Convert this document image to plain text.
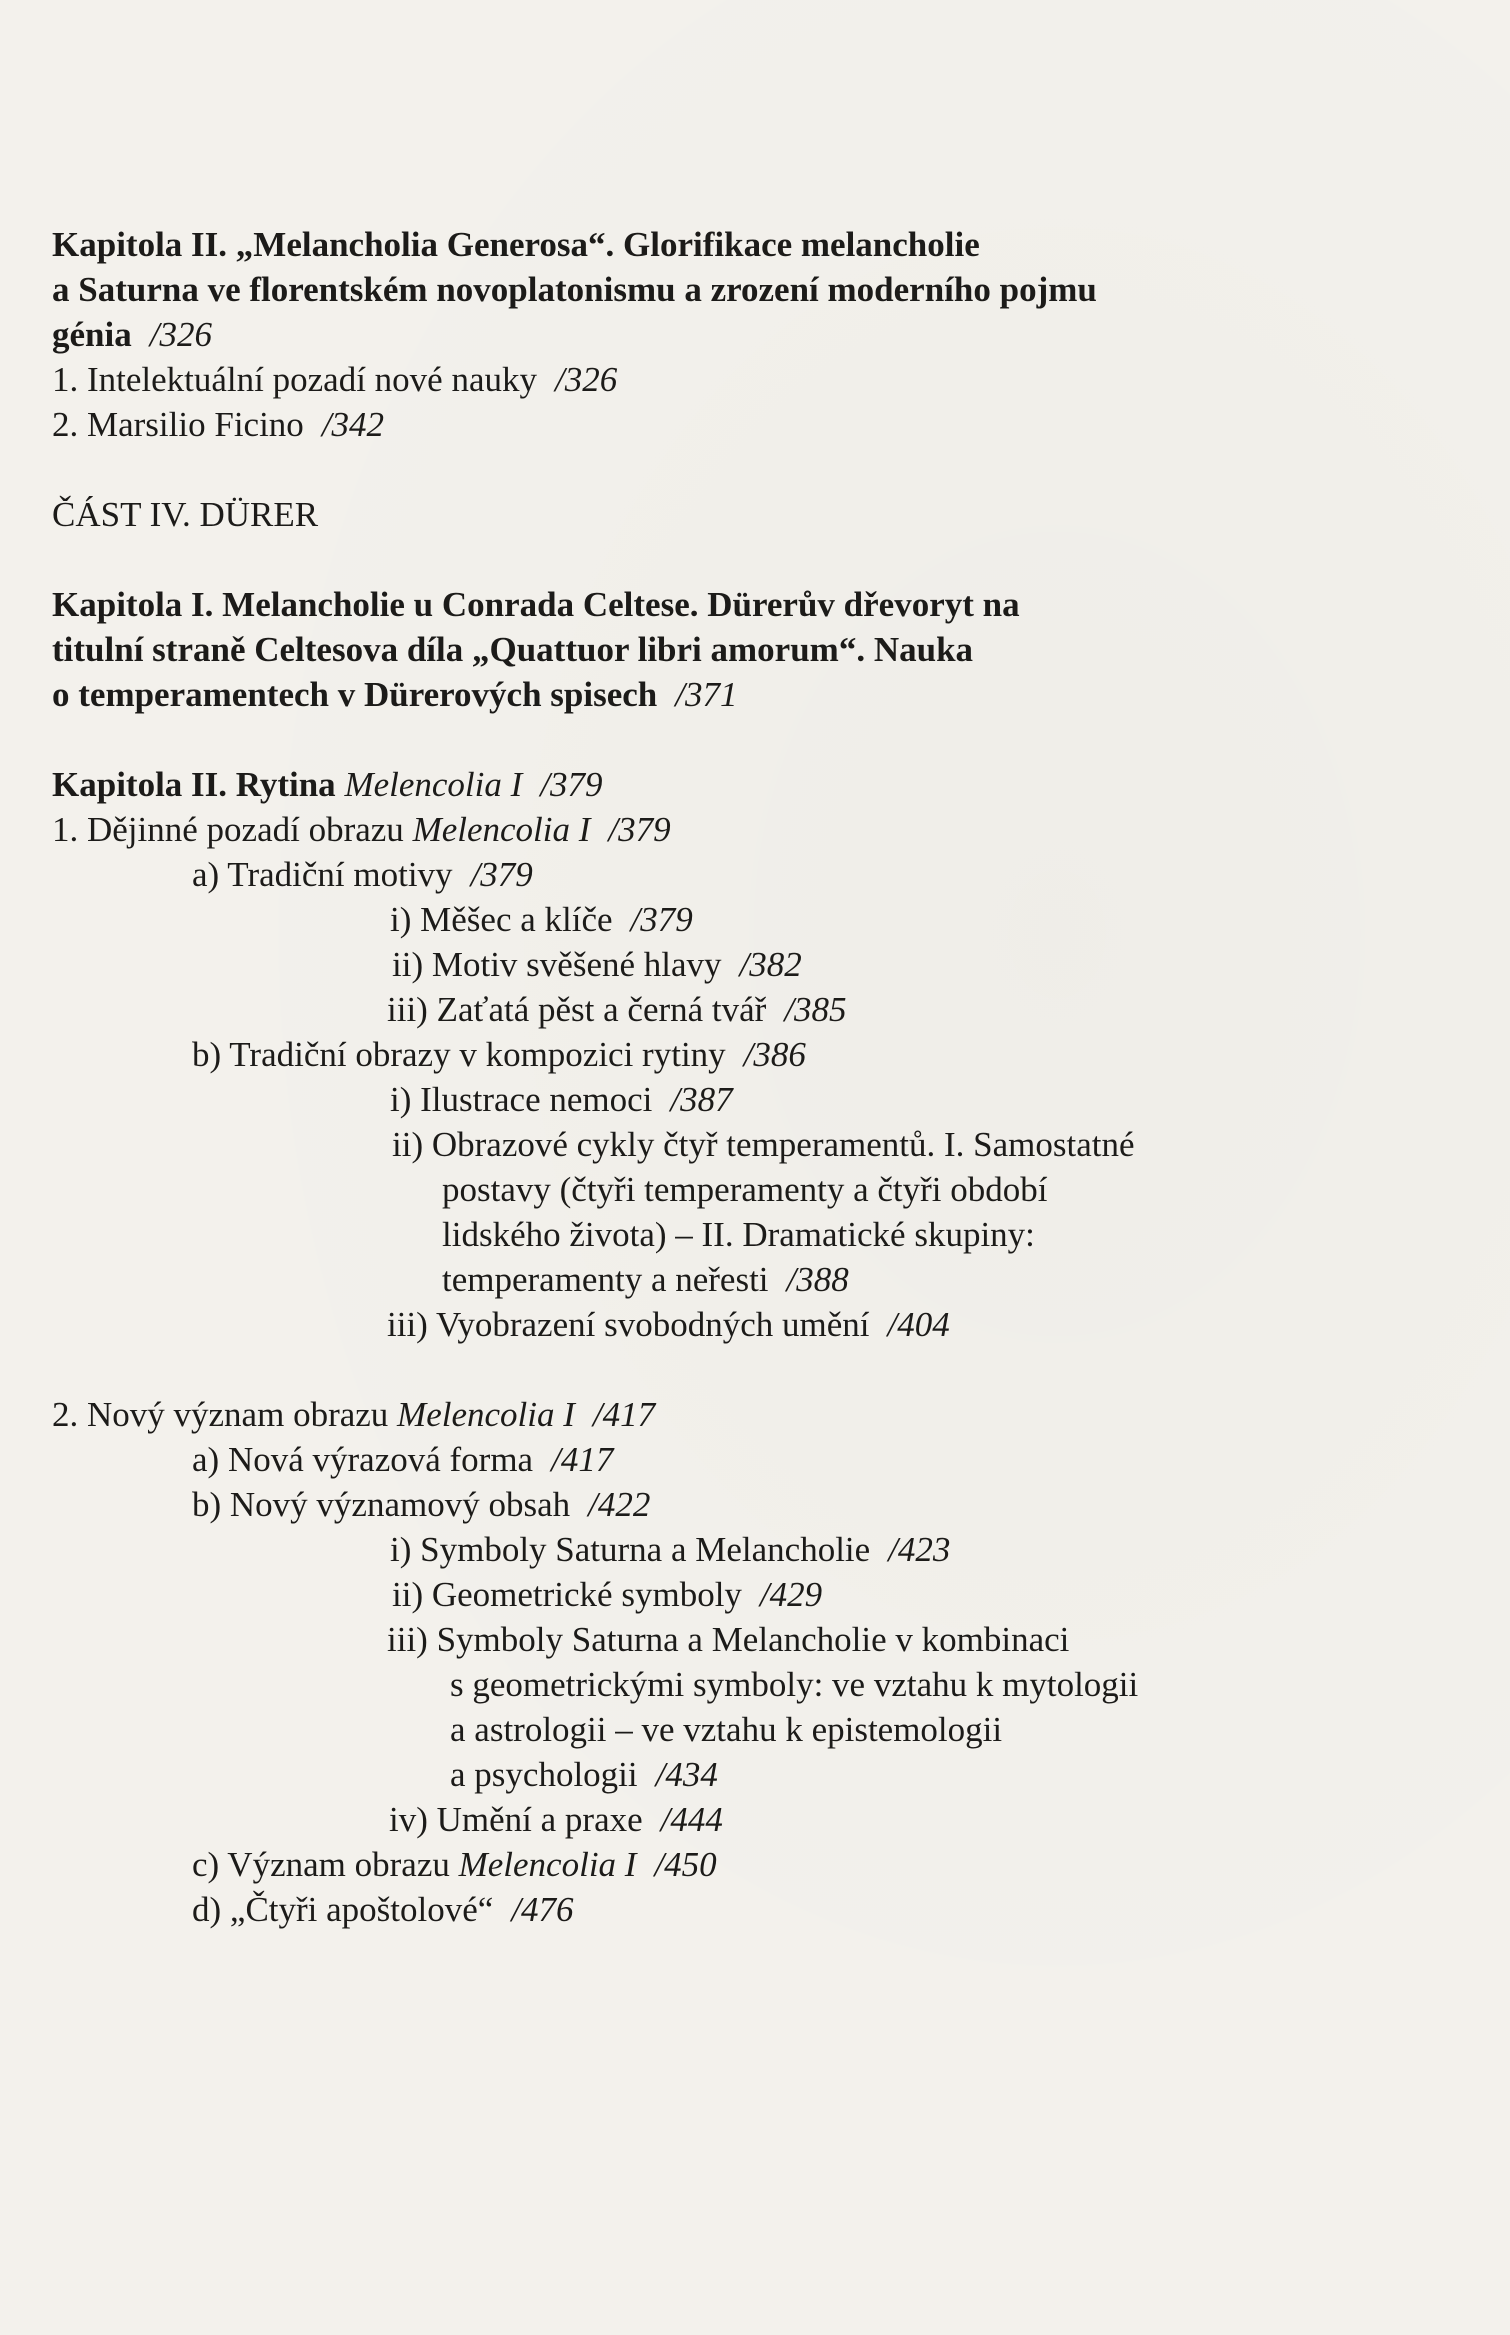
Kapitola II. „Melancholia Generosa“. Glorifikace melancholie
a Saturna ve florentském novoplatonismu a zrození moderního pojmu
génia /326
1. Intelektuální pozadí nové nauky /326
2. Marsilio Ficino /342
ČÁST IV. DÜRER
Kapitola I. Melancholie u Conrada Celtese. Dürerův dřevoryt na
titulní straně Celtesova díla „Quattuor libri amorum“. Nauka
o temperamentech v Dürerových spisech /371
Kapitola II. Rytina Melencolia I /379
1. Dějinné pozadí obrazu Melencolia I /379
a) Tradiční motivy /379
i) Měšec a klíče /379
ii) Motiv svěšené hlavy /382
iii) Zaťatá pěst a černá tvář /385
b) Tradiční obrazy v kompozici rytiny /386
i) Ilustrace nemoci /387
ii) Obrazové cykly čtyř temperamentů. I. Samostatné
postavy (čtyři temperamenty a čtyři období
lidského života) – II. Dramatické skupiny:
temperamenty a neřesti /388
iii) Vyobrazení svobodných umění /404
2. Nový význam obrazu Melencolia I /417
a) Nová výrazová forma /417
b) Nový významový obsah /422
i) Symboly Saturna a Melancholie /423
ii) Geometrické symboly /429
iii) Symboly Saturna a Melancholie v kombinaci
s geometrickými symboly: ve vztahu k mytologii
a astrologii – ve vztahu k epistemologii
a psychologii /434
iv) Umění a praxe /444
c) Význam obrazu Melencolia I /450
d) „Čtyři apoštolové“ /476
